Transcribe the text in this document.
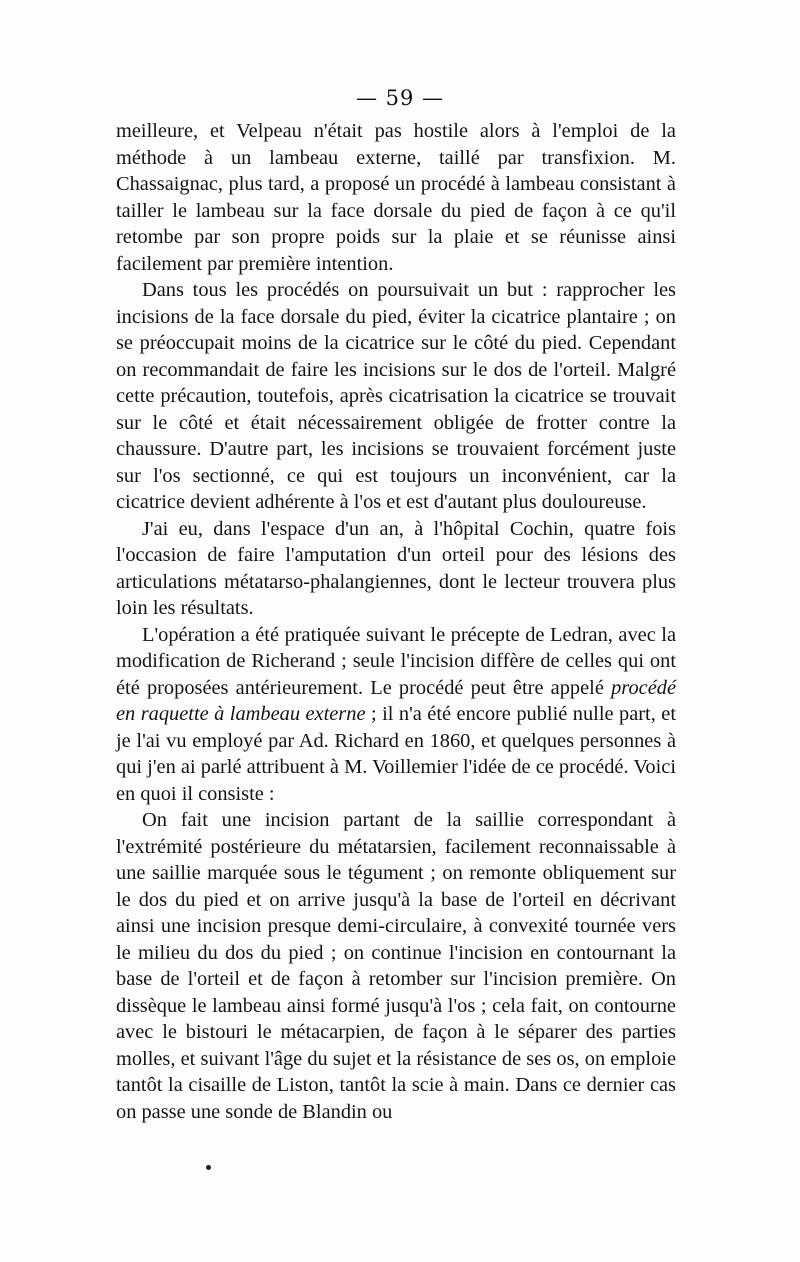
— 59 —

meilleure, et Velpeau n'était pas hostile alors à l'emploi de la méthode à un lambeau externe, taillé par transfixion. M. Chassaignac, plus tard, a proposé un procédé à lambeau consistant à tailler le lambeau sur la face dorsale du pied de façon à ce qu'il retombe par son propre poids sur la plaie et se réunisse ainsi facilement par première intention.

Dans tous les procédés on poursuivait un but : rapprocher les incisions de la face dorsale du pied, éviter la cicatrice plantaire ; on se préoccupait moins de la cicatrice sur le côté du pied. Cependant on recommandait de faire les incisions sur le dos de l'orteil. Malgré cette précaution, toutefois, après cicatrisation la cicatrice se trouvait sur le côté et était nécessairement obligée de frotter contre la chaussure. D'autre part, les incisions se trouvaient forcément juste sur l'os sectionné, ce qui est toujours un inconvénient, car la cicatrice devient adhérente à l'os et est d'autant plus douloureuse.

J'ai eu, dans l'espace d'un an, à l'hôpital Cochin, quatre fois l'occasion de faire l'amputation d'un orteil pour des lésions des articulations métatarso-phalangiennes, dont le lecteur trouvera plus loin les résultats.

L'opération a été pratiquée suivant le précepte de Ledran, avec la modification de Richerand ; seule l'incision diffère de celles qui ont été proposées antérieurement. Le procédé peut être appelé procédé en raquette à lambeau externe ; il n'a été encore publié nulle part, et je l'ai vu employé par Ad. Richard en 1860, et quelques personnes à qui j'en ai parlé attribuent à M. Voillemier l'idée de ce procédé. Voici en quoi il consiste :

On fait une incision partant de la saillie correspondant à l'extrémité postérieure du métatarsien, facilement reconnaissable à une saillie marquée sous le tégument ; on remonte obliquement sur le dos du pied et on arrive jusqu'à la base de l'orteil en décrivant ainsi une incision presque demi-circulaire, à convexité tournée vers le milieu du dos du pied ; on continue l'incision en contournant la base de l'orteil et de façon à retomber sur l'incision première. On dissèque le lambeau ainsi formé jusqu'à l'os ; cela fait, on contourne avec le bistouri le métacarpien, de façon à le séparer des parties molles, et suivant l'âge du sujet et la résistance de ses os, on emploie tantôt la cisaille de Liston, tantôt la scie à main. Dans ce dernier cas on passe une sonde de Blandin ou
